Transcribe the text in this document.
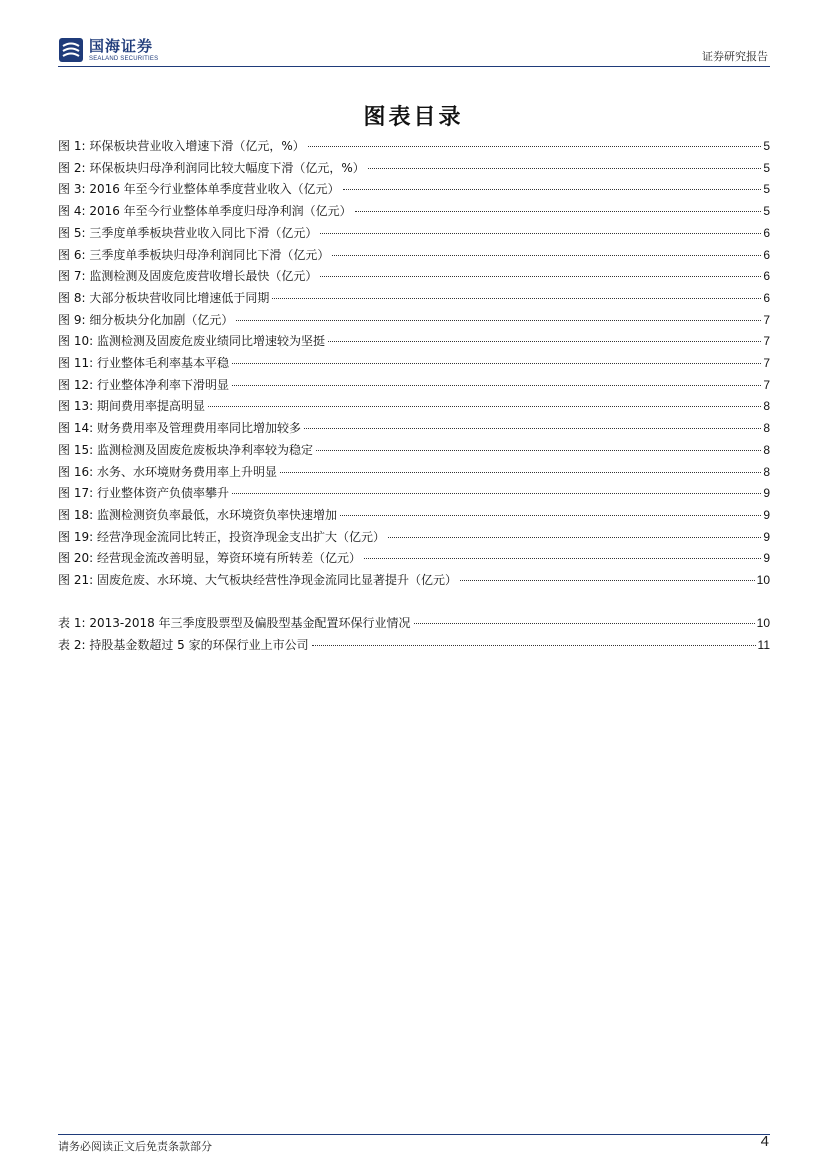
国海证券
SEALAND SECURITIES	证券研究报告
图表目录
图 1:
环保板块营业收入增速下滑（亿元，%）	5
图 2:
环保板块归母净利润同比较大幅度下滑（亿元，%）	5
图 3:
2016 年至今行业整体单季度营业收入（亿元）	5
图 4:
2016 年至今行业整体单季度归母净利润（亿元）	5
图 5:
三季度单季板块营业收入同比下滑（亿元）	6
图 6:
三季度单季板块归母净利润同比下滑（亿元）	6
图 7:
监测检测及固废危废营收增长最快（亿元）	6
图 8:
大部分板块营收同比增速低于同期	6
图 9:
细分板块分化加剧（亿元）	7
图 10:
监测检测及固废危废业绩同比增速较为坚挺	7
图 11:
行业整体毛利率基本平稳	7
图 12:
行业整体净利率下滑明显	7
图 13:
期间费用率提高明显	8
图 14:
财务费用率及管理费用率同比增加较多	8
图 15:
监测检测及固废危废板块净利率较为稳定	8
图 16:
水务、水环境财务费用率上升明显	8
图 17:
行业整体资产负债率攀升	9
图 18:
监测检测资负率最低，水环境资负率快速增加	9
图 19:
经营净现金流同比转正，投资净现金支出扩大（亿元）	9
图 20:
经营现金流改善明显，筹资环境有所转差（亿元）	9
图 21:
固废危废、水环境、大气板块经营性净现金流同比显著提升（亿元）	10
表 1:
2013-2018 年三季度股票型及偏股型基金配置环保行业情况	10
表 2:
持股基金数超过 5 家的环保行业上市公司	11
请务必阅读正文后免责条款部分	4
